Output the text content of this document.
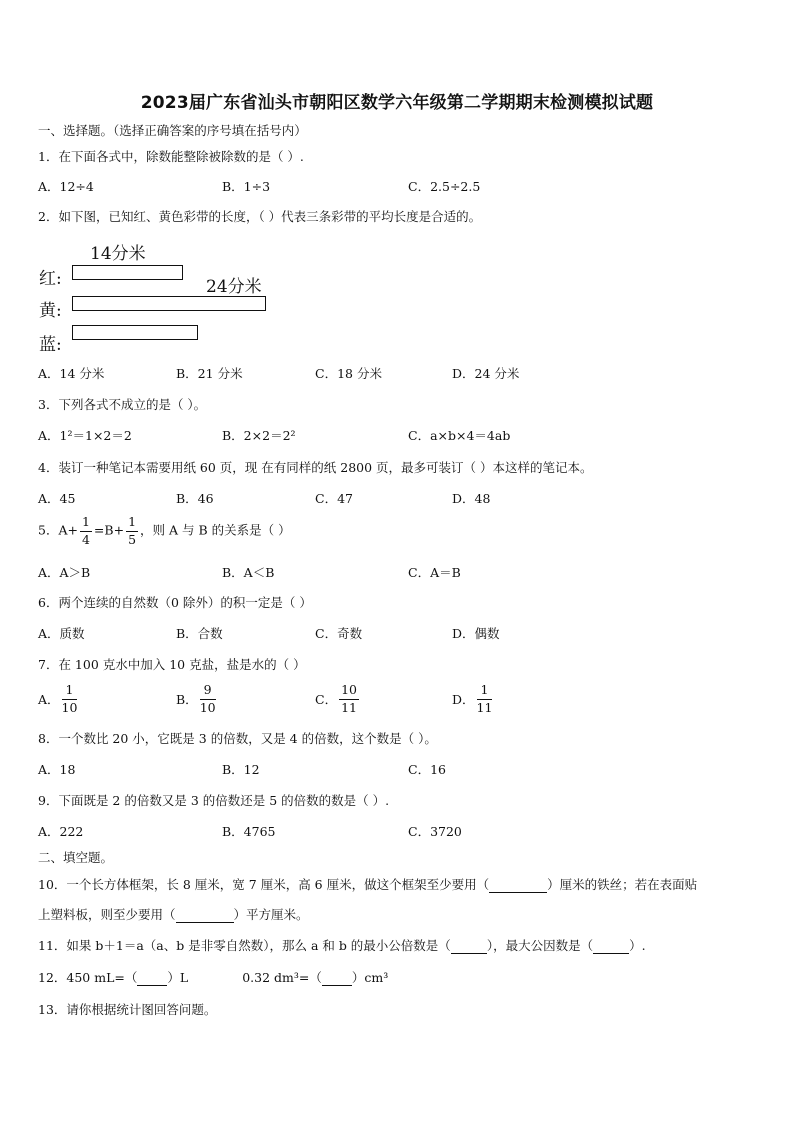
2023届广东省汕头市朝阳区数学六年级第二学期期末检测模拟试题
一、选择题。（选择正确答案的序号填在括号内）
1．在下面各式中，除数能整除被除数的是（ ）.
A．12÷4	B．1÷3	C．2.5÷2.5
2．如下图，已知红、黄色彩带的长度，（ ）代表三条彩带的平均长度是合适的。
红:
黄:
蓝:
14分米
24分米
A．14 分米	B．21 分米	C．18 分米	D．24 分米
3．下列各式不成立的是（ ）。
A．1²＝1×2＝2	B．2×2＝2²	C．a×b×4＝4ab
4．装订一种笔记本需要用纸 60 页，现 在有同样的纸 2800 页，最多可装订（ ）本这样的笔记本。
A．45	B．46	C．47	D．48
5．$A+ \frac{1}{4} =B+ \frac{1}{5}$ ，则 A 与 B 的关系是（ ）
A．A＞B	B．A＜B	C．A＝B
6．两个连续的自然数（0 除外）的积一定是（ ）
A．质数	B．合数	C．奇数	D．偶数
7．在 100 克水中加入 10 克盐，盐是水的（ ）
A． $\frac{1}{10}$	B． $\frac{9}{10}$	C． $\frac{10}{11}$	D． $\frac{1}{11}$
8．一个数比 20 小，它既是 3 的倍数，又是 4 的倍数，这个数是（ ）。
A．18	B．12	C．16
9．下面既是 2 的倍数又是 3 的倍数还是 5 的倍数的数是（ ）.
A．222	B．4765	C．3720
二、填空题。
10．一个长方体框架，长 8 厘米，宽 7 厘米，高 6 厘米，做这个框架至少要用（	）厘米的铁丝；若在表面贴
上塑料板，则至少要用（	）平方厘米。
11．如果 b＋1＝a（a、b 是非零自然数），那么 a 和 b 的最小公倍数是（	），最大公因数是（	）.
12．450 mL=（ ）L	0.32 dm³=（ ）cm³
13．请你根据统计图回答问题。
